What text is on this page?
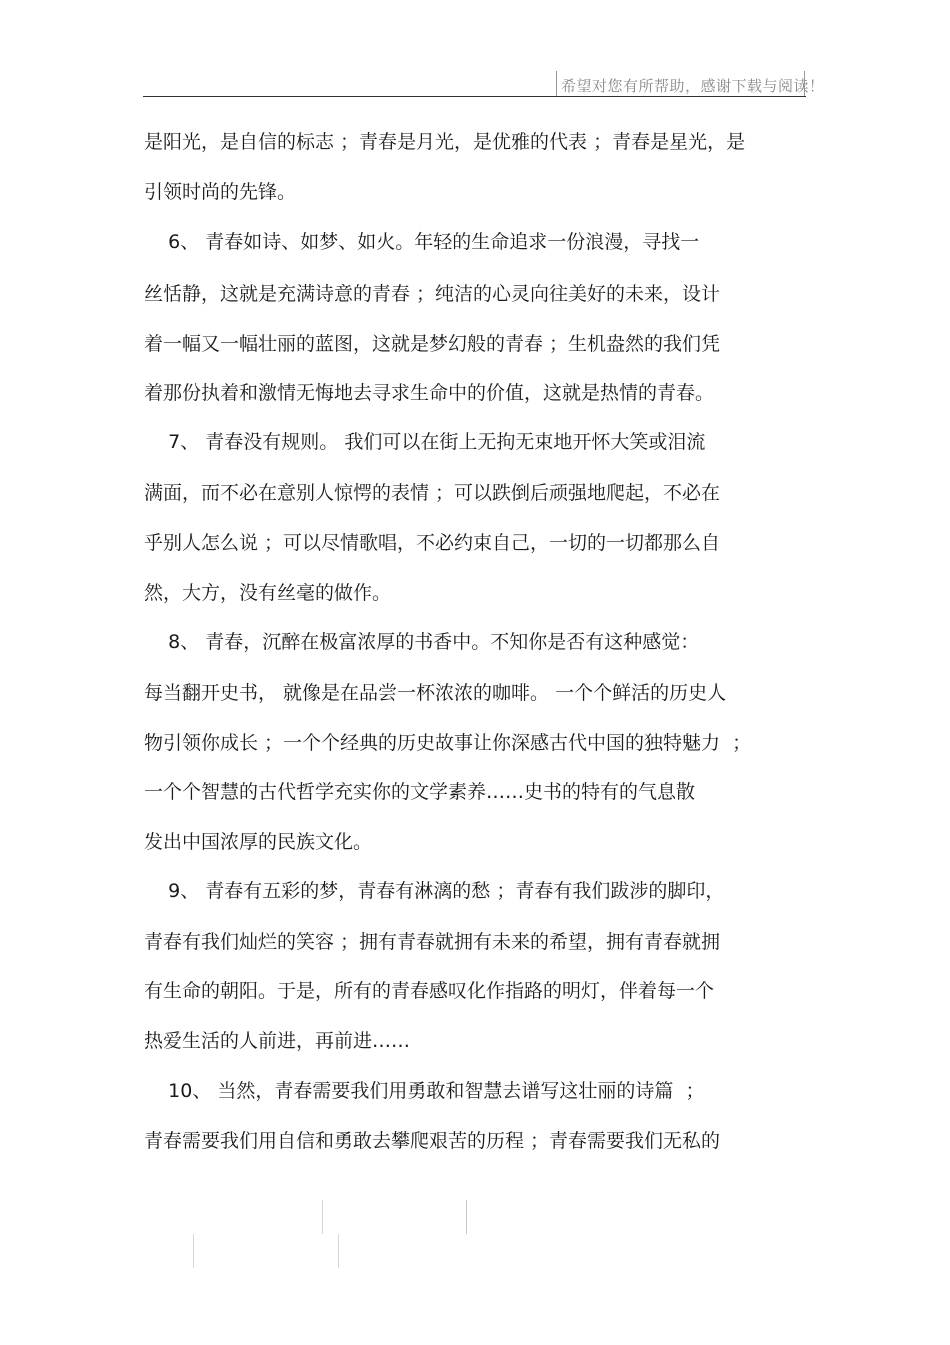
希望对您有所帮助，感谢下载与阅读！
是阳光，是自信的标志 ；青春是月光，是优雅的代表 ；青春是星光，是
引领时尚的先锋。
6、 青春如诗、如梦、如火。年轻的生命追求一份浪漫，寻找一
丝恬静，这就是充满诗意的青春 ；纯洁的心灵向往美好的未来，设计
着一幅又一幅壮丽的蓝图，这就是梦幻般的青春 ；生机盎然的我们凭
着那份执着和激情无悔地去寻求生命中的价值，这就是热情的青春。
7、 青春没有规则。 我们可以在街上无拘无束地开怀大笑或泪流
满面，而不必在意别人惊愕的表情 ；可以跌倒后顽强地爬起，不必在
乎别人怎么说 ；可以尽情歌唱，不必约束自己，一切的一切都那么自
然，大方，没有丝毫的做作。
8、 青春，沉醉在极富浓厚的书香中。不知你是否有这种感觉：
每当翻开史书， 就像是在品尝一杯浓浓的咖啡。 一个个鲜活的历史人
物引领你成长 ；一个个经典的历史故事让你深感古代中国的独特魅力  ；
一个个智慧的古代哲学充实你的文学素养……史书的特有的气息散
发出中国浓厚的民族文化。
9、 青春有五彩的梦，青春有淋漓的愁 ；青春有我们跋涉的脚印，
青春有我们灿烂的笑容 ；拥有青春就拥有未来的希望，拥有青春就拥
有生命的朝阳。于是，所有的青春感叹化作指路的明灯，伴着每一个
热爱生活的人前进，再前进……
10、 当然，青春需要我们用勇敢和智慧去谱写这壮丽的诗篇  ；
青春需要我们用自信和勇敢去攀爬艰苦的历程 ；青春需要我们无私的
